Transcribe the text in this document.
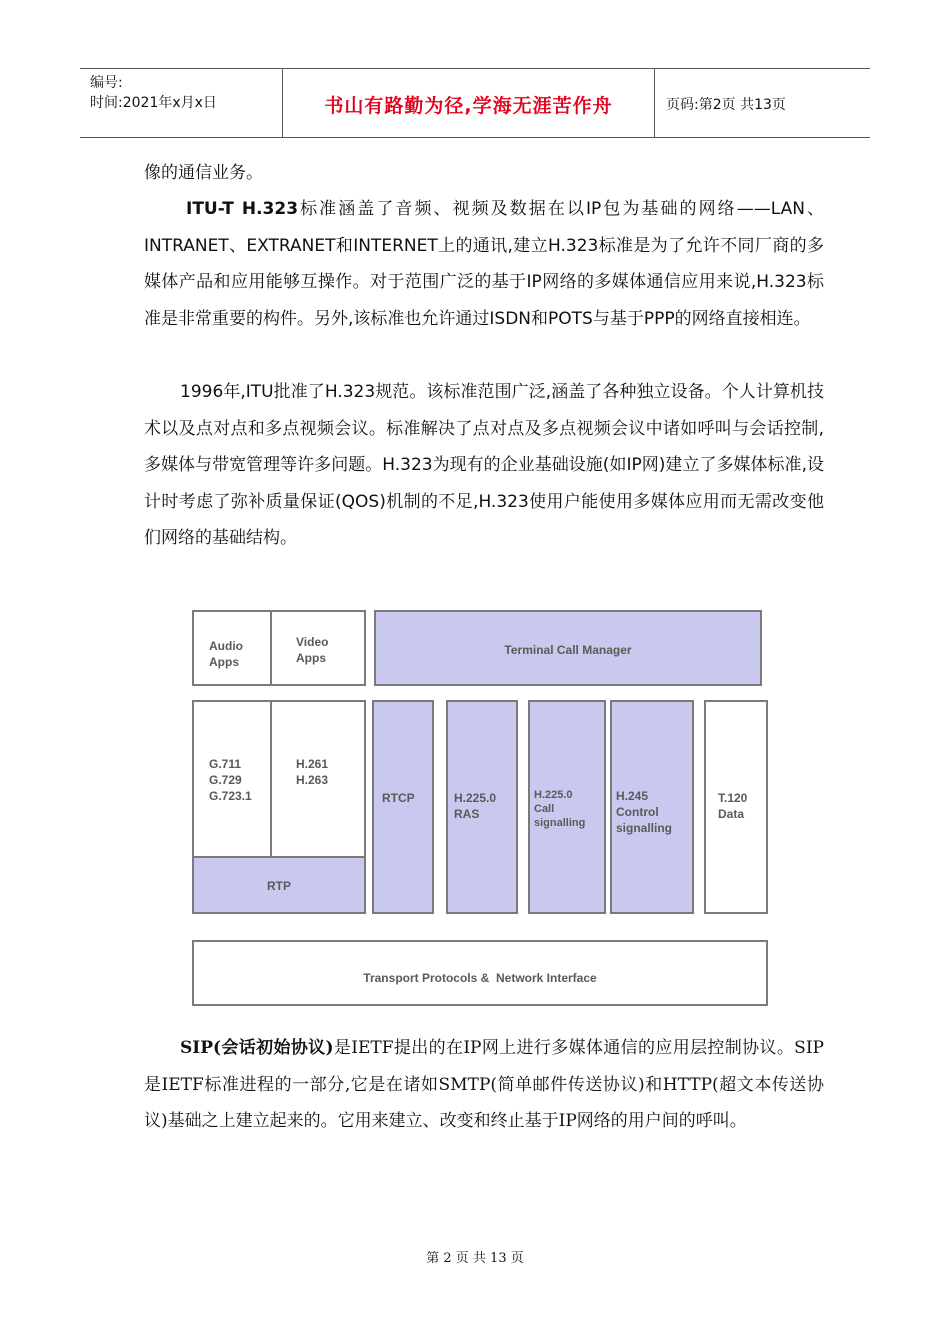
编号:
时间:2021年x月x日	书山有路勤为径,学海无涯苦作舟	页码:第2页 共13页
像的通信业务。
ITU-T H.323标准涵盖了音频、视频及数据在以IP包为基础的网络——LAN、INTRANET、EXTRANET和INTERNET上的通讯,建立H.323标准是为了允许不同厂商的多媒体产品和应用能够互操作。对于范围广泛的基于IP网络的多媒体通信应用来说,H.323标准是非常重要的构件。另外,该标准也允许通过ISDN和POTS与基于PPP的网络直接相连。
1996年,ITU批准了H.323规范。该标准范围广泛,涵盖了各种独立设备。个人计算机技术以及点对点和多点视频会议。标准解决了点对点及多点视频会议中诸如呼叫与会话控制,多媒体与带宽管理等许多问题。H.323为现有的企业基础设施(如IP网)建立了多媒体标准,设计时考虑了弥补质量保证(QOS)机制的不足,H.323使用户能使用多媒体应用而无需改变他们网络的基础结构。
Audio
Apps
Video
Apps
Terminal Call Manager
G.711
G.729
G.723.1
H.261
H.263
RTP
RTCP	H.225.0
RAS
H.225.0
Call
signalling
H.245
Control
signalling
T.120
Data
Transport Protocols &  Network Interface
SIP(会话初始协议)是IETF提出的在IP网上进行多媒体通信的应用层控制协议。SIP是IETF标准进程的一部分,它是在诸如SMTP(简单邮件传送协议)和HTTP(超文本传送协议)基础之上建立起来的。它用来建立、改变和终止基于IP网络的用户间的呼叫。
第 2 页 共 13 页
